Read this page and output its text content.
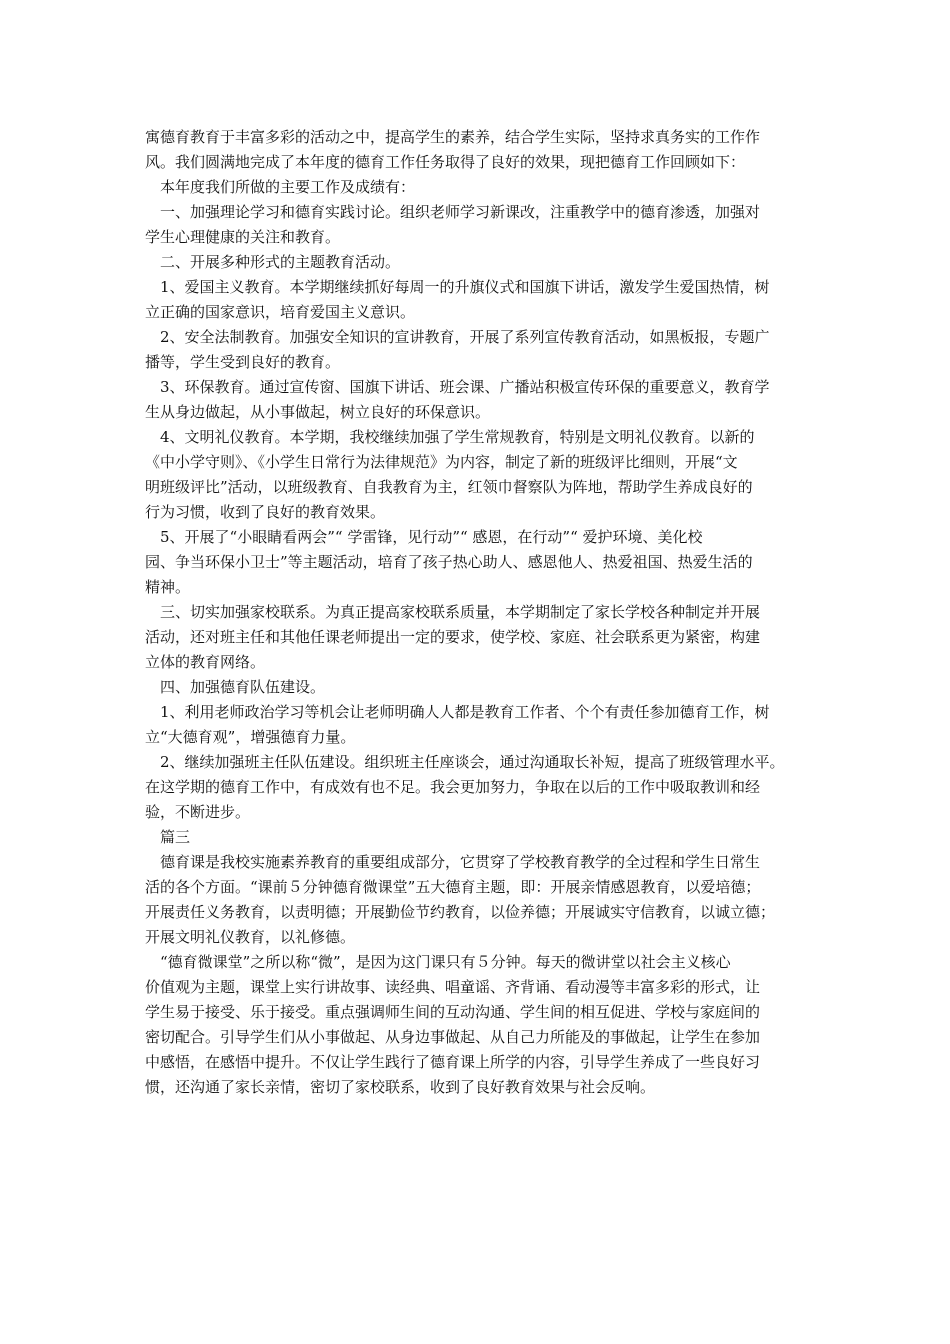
寓德育教育于丰富多彩的活动之中，提高学生的素养，结合学生实际，坚持求真务实的工作作
风。我们圆满地完成了本年度的德育工作任务取得了良好的效果，现把德育工作回顾如下：
　本年度我们所做的主要工作及成绩有：
　一、加强理论学习和德育实践讨论。组织老师学习新课改，注重教学中的德育渗透，加强对
学生心理健康的关注和教育。
　二、开展多种形式的主题教育活动。
　1、爱国主义教育。本学期继续抓好每周一的升旗仪式和国旗下讲话，激发学生爱国热情，树
立正确的国家意识，培育爱国主义意识。
　2、安全法制教育。加强安全知识的宣讲教育，开展了系列宣传教育活动，如黑板报，专题广
播等，学生受到良好的教育。
　3、环保教育。通过宣传窗、国旗下讲话、班会课、广播站积极宣传环保的重要意义，教育学
生从身边做起，从小事做起，树立良好的环保意识。
　4、文明礼仪教育。本学期，我校继续加强了学生常规教育，特别是文明礼仪教育。以新的
《中小学守则》、《小学生日常行为法律规范》为内容，制定了新的班级评比细则，开展“文
明班级评比”活动，以班级教育、自我教育为主，红领巾督察队为阵地，帮助学生养成良好的
行为习惯，收到了良好的教育效果。
　5、开展了“小眼睛看两会”“ 学雷锋，见行动”“ 感恩，在行动”“ 爱护环境、美化校
园、争当环保小卫士”等主题活动，培育了孩子热心助人、感恩他人、热爱祖国、热爱生活的
精神。
　三、切实加强家校联系。为真正提高家校联系质量，本学期制定了家长学校各种制定并开展
活动，还对班主任和其他任课老师提出一定的要求，使学校、家庭、社会联系更为紧密，构建
立体的教育网络。
　四、加强德育队伍建设。
　1、利用老师政治学习等机会让老师明确人人都是教育工作者、个个有责任参加德育工作，树
立“大德育观”，增强德育力量。
　2、继续加强班主任队伍建设。组织班主任座谈会，通过沟通取长补短，提高了班级管理水平。
在这学期的德育工作中，有成效有也不足。我会更加努力，争取在以后的工作中吸取教训和经
验，不断进步。
　篇三
　德育课是我校实施素养教育的重要组成部分，它贯穿了学校教育教学的全过程和学生日常生
活的各个方面。“课前５分钟德育微课堂”五大德育主题，即：开展亲情感恩教育，以爱培德；
开展责任义务教育，以责明德；开展勤俭节约教育，以俭养德；开展诚实守信教育，以诚立德；
开展文明礼仪教育，以礼修德。
　“德育微课堂”之所以称“微”，是因为这门课只有５分钟。每天的微讲堂以社会主义核心
价值观为主题，课堂上实行讲故事、读经典、唱童谣、齐背诵、看动漫等丰富多彩的形式，让
学生易于接受、乐于接受。重点强调师生间的互动沟通、学生间的相互促进、学校与家庭间的
密切配合。引导学生们从小事做起、从身边事做起、从自己力所能及的事做起，让学生在参加
中感悟，在感悟中提升。不仅让学生践行了德育课上所学的内容，引导学生养成了一些良好习
惯，还沟通了家长亲情，密切了家校联系，收到了良好教育效果与社会反响。
